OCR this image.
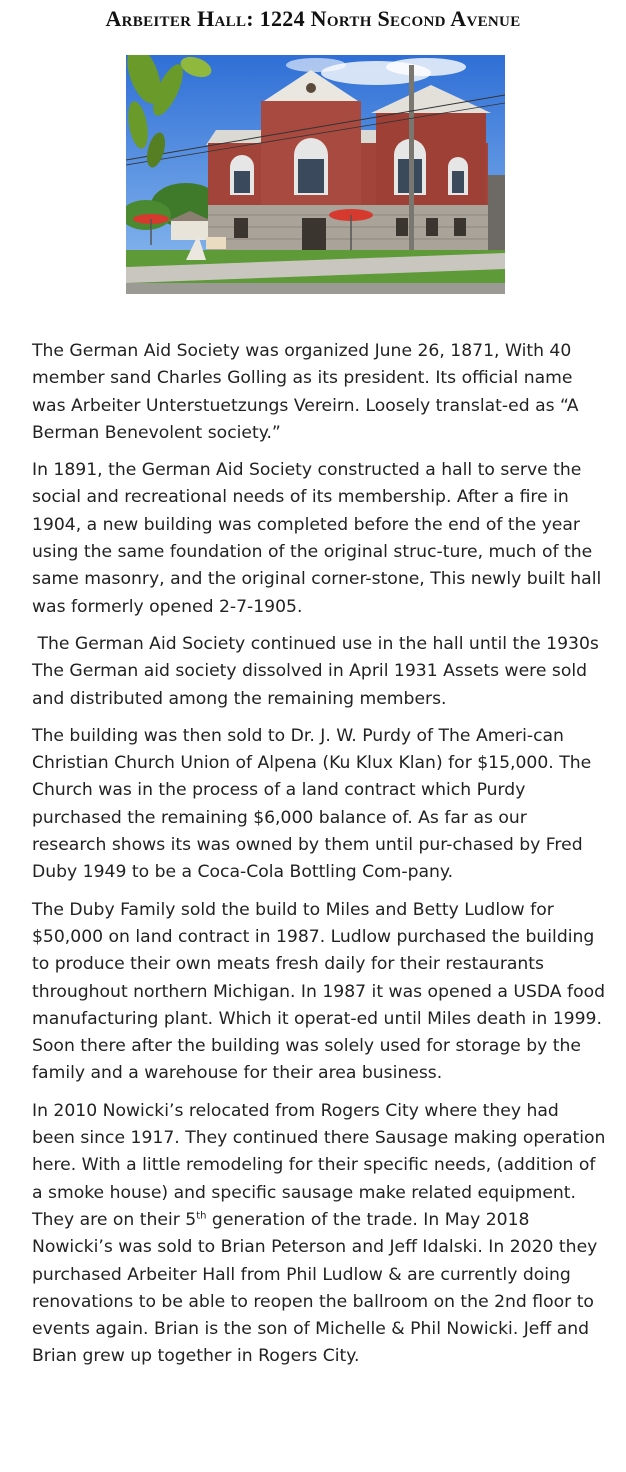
Arbeiter Hall: 1224 North Second Avenue

The German Aid Society was organized June 26, 1871, With 40 member sand Charles Golling as its president. Its official name was Arbeiter Unterstuetzungs Vereirn. Loosely translat-ed as “A Berman Benevolent society.”

In 1891, the German Aid Society constructed a hall to serve the social and recreational needs of its membership. After a fire in 1904, a new building was completed before the end of the year using the same foundation of the original struc-ture, much of the same masonry, and the original corner-stone, This newly built hall was formerly opened 2-7-1905.

The German Aid Society continued use in the hall until the 1930s The German aid society dissolved in April 1931 Assets were sold and distributed among the remaining members.

The building was then sold to Dr. J. W. Purdy of The Ameri-can Christian Church Union of Alpena (Ku Klux Klan) for $15,000. The Church was in the process of a land contract which Purdy purchased the remaining $6,000 balance of. As far as our research shows its was owned by them until pur-chased by Fred Duby 1949 to be a Coca-Cola Bottling Com-pany.

The Duby Family sold the build to Miles and Betty Ludlow for $50,000 on land contract in 1987. Ludlow purchased the building to produce their own meats fresh daily for their restaurants throughout northern Michigan. In 1987 it was opened a USDA food manufacturing plant. Which it operat-ed until Miles death in 1999. Soon there after the building was solely used for storage by the family and a warehouse for their area business.

In 2010 Nowicki’s relocated from Rogers City where they had been since 1917. They continued there Sausage making operation here. With a little remodeling for their specific needs, (addition of a smoke house) and specific sausage make related equipment. They are on their 5th generation of the trade. In May 2018 Nowicki’s was sold to Brian Peterson and Jeff Idalski. In 2020 they purchased Arbeiter Hall from Phil Ludlow & are currently doing renovations to be able to reopen the ballroom on the 2nd floor to events again. Brian is the son of Michelle & Phil Nowicki. Jeff and Brian grew up together in Rogers City.
